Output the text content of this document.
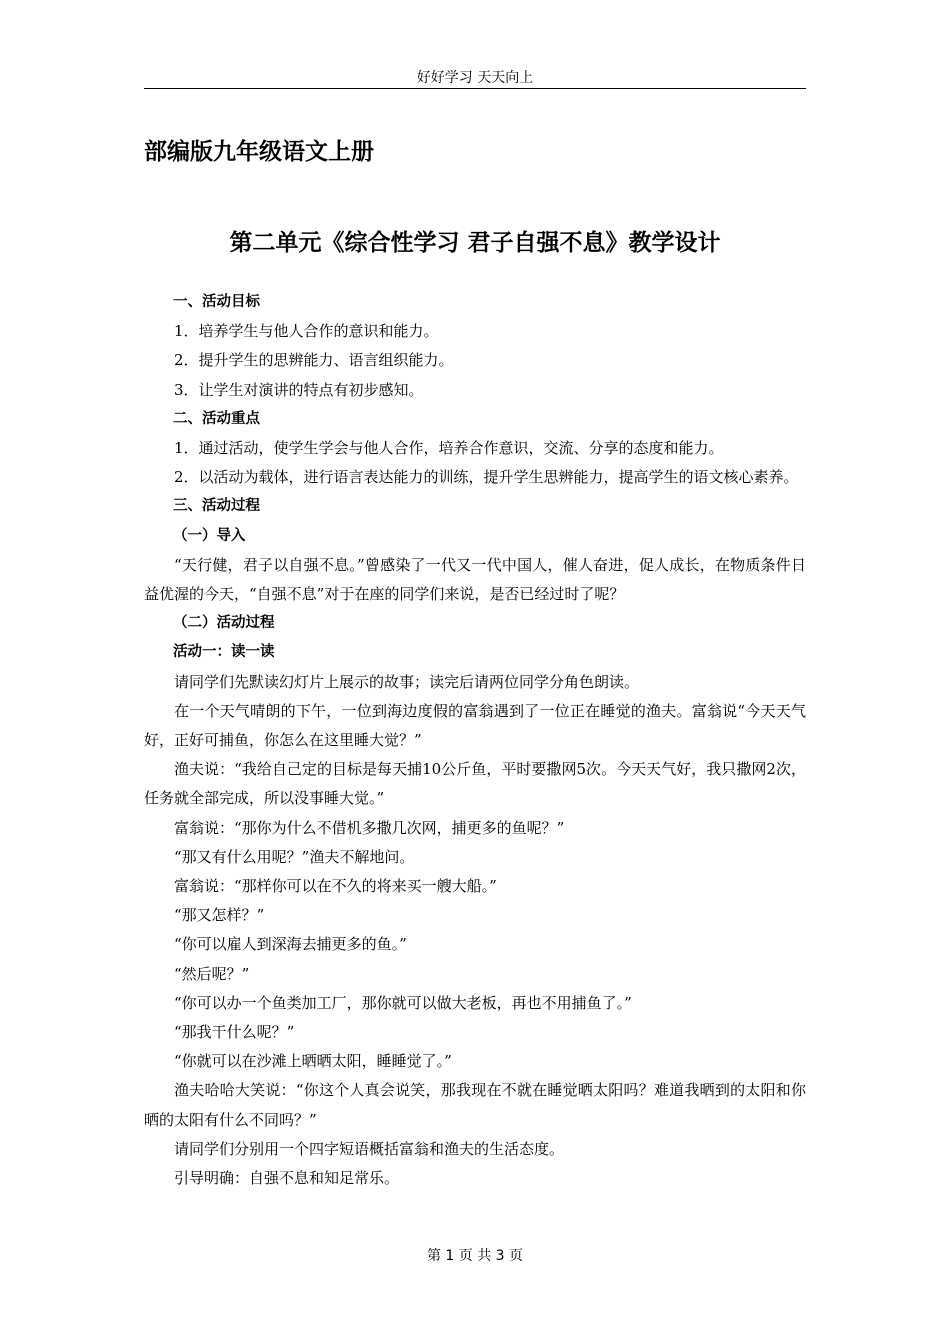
好好学习 天天向上
部编版九年级语文上册
第二单元《综合性学习 君子自强不息》教学设计

一、活动目标

1．培养学生与他人合作的意识和能力。

2．提升学生的思辨能力、语言组织能力。

3．让学生对演讲的特点有初步感知。

二、活动重点

1．通过活动，使学生学会与他人合作，培养合作意识，交流、分享的态度和能力。

2．以活动为载体，进行语言表达能力的训练，提升学生思辨能力，提高学生的语文核心素养。

三、活动过程

（一）导入

“天行健，君子以自强不息。”曾感染了一代又一代中国人，催人奋进，促人成长，在物质条件日益优渥的今天，“自强不息”对于在座的同学们来说，是否已经过时了呢？

（二）活动过程

活动一：读一读

请同学们先默读幻灯片上展示的故事；读完后请两位同学分角色朗读。

在一个天气晴朗的下午，一位到海边度假的富翁遇到了一位正在睡觉的渔夫。富翁说“今天天气好，正好可捕鱼，你怎么在这里睡大觉？”

渔夫说：“我给自己定的目标是每天捕10公斤鱼，平时要撒网5次。今天天气好，我只撒网2次，任务就全部完成，所以没事睡大觉。”

富翁说：“那你为什么不借机多撒几次网，捕更多的鱼呢？”

“那又有什么用呢？”渔夫不解地问。

富翁说：“那样你可以在不久的将来买一艘大船。”

“那又怎样？”

“你可以雇人到深海去捕更多的鱼。”

“然后呢？”

“你可以办一个鱼类加工厂，那你就可以做大老板，再也不用捕鱼了。”

“那我干什么呢？”

“你就可以在沙滩上晒晒太阳，睡睡觉了。”

渔夫哈哈大笑说：“你这个人真会说笑，那我现在不就在睡觉晒太阳吗？难道我晒到的太阳和你晒的太阳有什么不同吗？”

请同学们分别用一个四字短语概括富翁和渔夫的生活态度。

引导明确：自强不息和知足常乐。

第 1 页 共 3 页
